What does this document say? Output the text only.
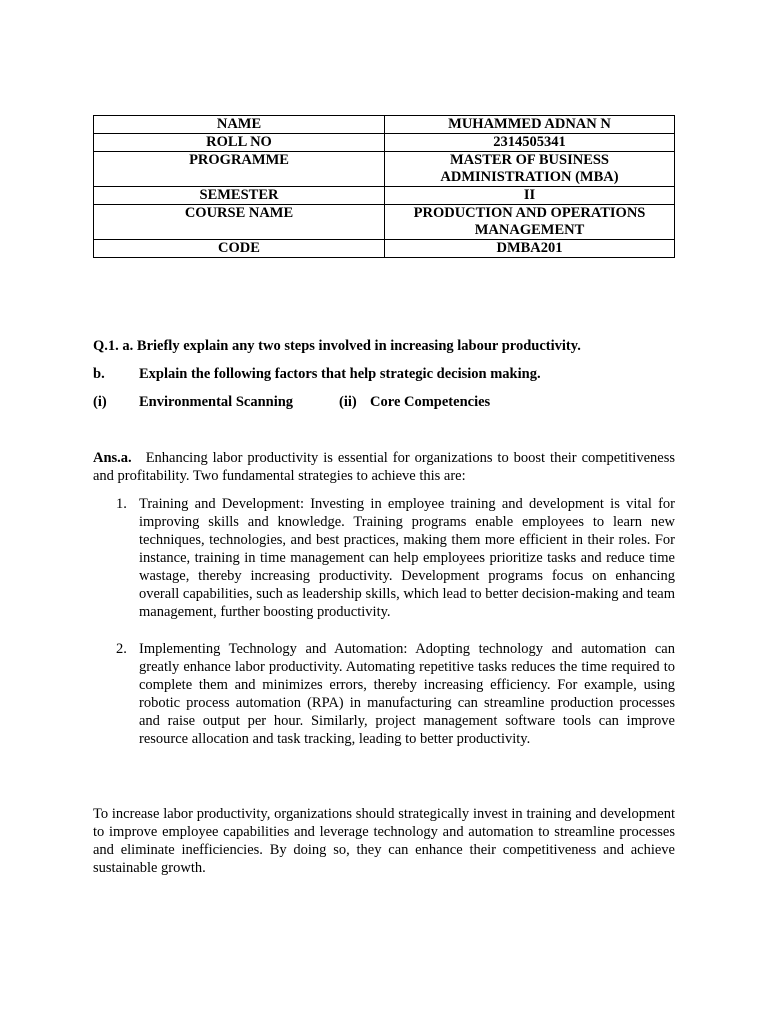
NAME	MUHAMMED ADNAN N
ROLL NO	2314505341
PROGRAMME	MASTER OF BUSINESS ADMINISTRATION (MBA)
SEMESTER	II
COURSE NAME	PRODUCTION AND OPERATIONS MANAGEMENT
CODE	DMBA201

Q.1. a. Briefly explain any two steps involved in increasing labour productivity.

b. Explain the following factors that help strategic decision making.

(i) Environmental Scanning	(ii) Core Competencies

Ans.a. Enhancing labor productivity is essential for organizations to boost their competitiveness and profitability. Two fundamental strategies to achieve this are:

1. Training and Development: Investing in employee training and development is vital for improving skills and knowledge. Training programs enable employees to learn new techniques, technologies, and best practices, making them more efficient in their roles. For instance, training in time management can help employees prioritize tasks and reduce time wastage, thereby increasing productivity. Development programs focus on enhancing overall capabilities, such as leadership skills, which lead to better decision-making and team management, further boosting productivity.
2. Implementing Technology and Automation: Adopting technology and automation can greatly enhance labor productivity. Automating repetitive tasks reduces the time required to complete them and minimizes errors, thereby increasing efficiency. For example, using robotic process automation (RPA) in manufacturing can streamline production processes and raise output per hour. Similarly, project management software tools can improve resource allocation and task tracking, leading to better productivity.

To increase labor productivity, organizations should strategically invest in training and development to improve employee capabilities and leverage technology and automation to streamline processes and eliminate inefficiencies. By doing so, they can enhance their competitiveness and achieve sustainable growth.
